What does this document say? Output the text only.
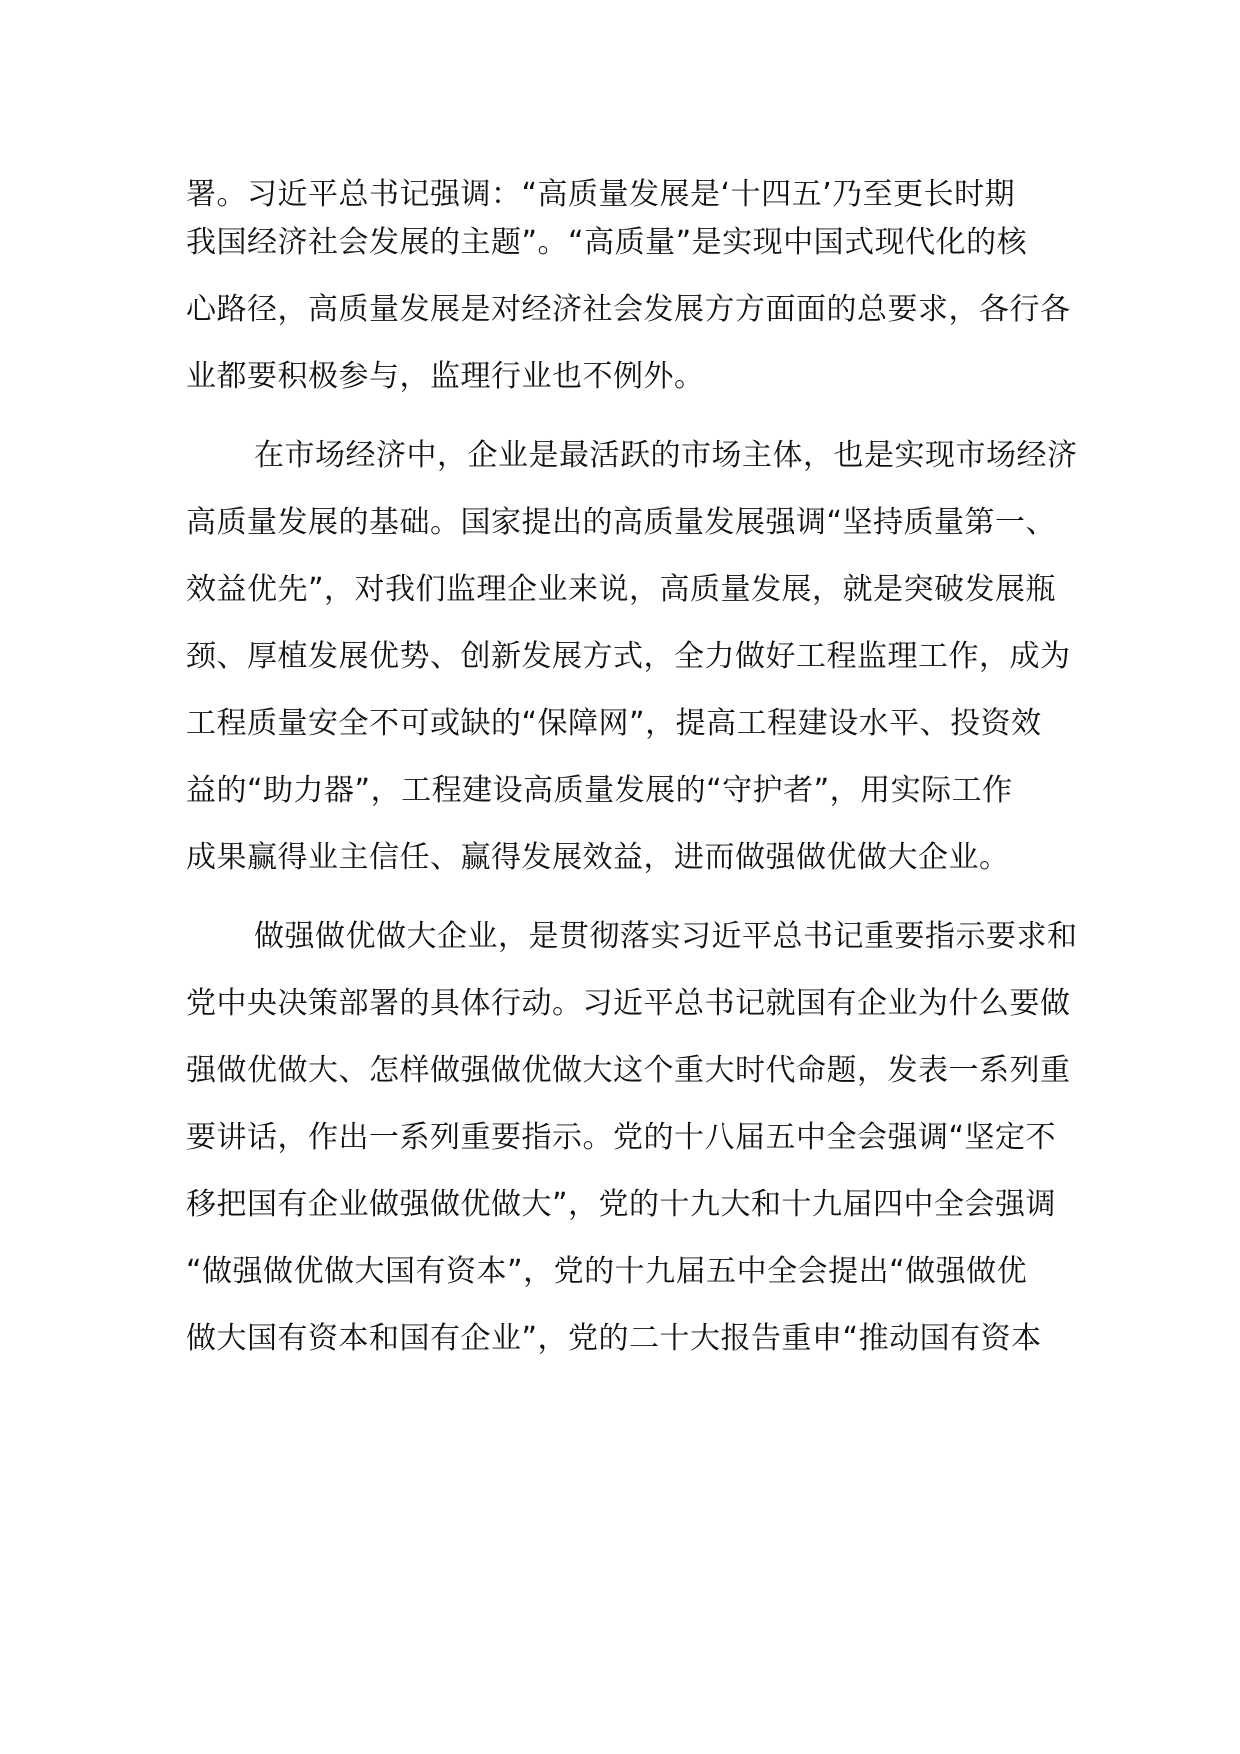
署。习近平总书记强调：“高质量发展是‘十四五’乃至更长时期
我国经济社会发展的主题”。“高质量”是实现中国式现代化的核
心路径，高质量发展是对经济社会发展方方面面的总要求，各行各
业都要积极参与，监理行业也不例外。
在市场经济中，企业是最活跃的市场主体，也是实现市场经济
高质量发展的基础。国家提出的高质量发展强调“坚持质量第一、
效益优先”，对我们监理企业来说，高质量发展，就是突破发展瓶
颈、厚植发展优势、创新发展方式，全力做好工程监理工作，成为
工程质量安全不可或缺的“保障网”，提高工程建设水平、投资效
益的“助力器”，工程建设高质量发展的“守护者”，用实际工作
成果赢得业主信任、赢得发展效益，进而做强做优做大企业。
做强做优做大企业，是贯彻落实习近平总书记重要指示要求和
党中央决策部署的具体行动。习近平总书记就国有企业为什么要做
强做优做大、怎样做强做优做大这个重大时代命题，发表一系列重
要讲话，作出一系列重要指示。党的十八届五中全会强调“坚定不
移把国有企业做强做优做大”，党的十九大和十九届四中全会强调
“做强做优做大国有资本”，党的十九届五中全会提出“做强做优
做大国有资本和国有企业”，党的二十大报告重申“推动国有资本
